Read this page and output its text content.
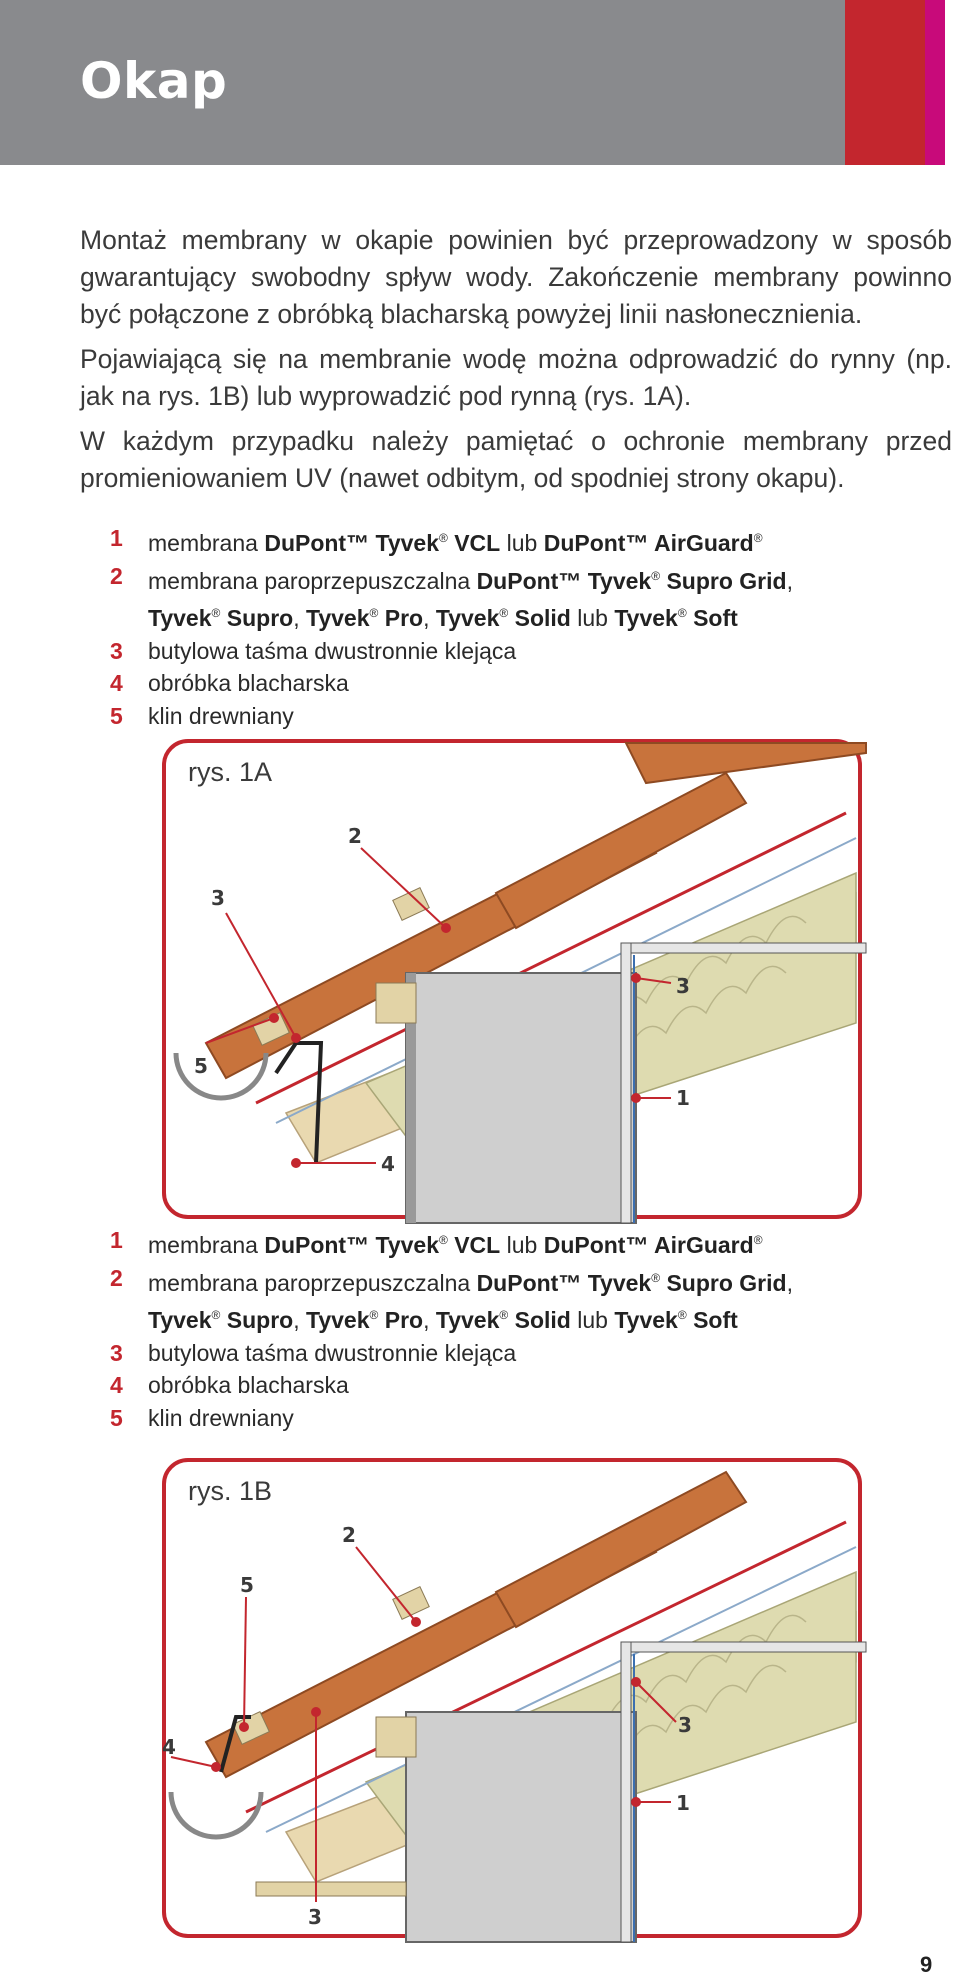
Okap

Montaż membrany w okapie powinien być przeprowadzony w sposób gwarantujący swobodny spływ wody. Zakończenie membrany powinno być połączone z obróbką blacharską powyżej linii nasłonecznienia.

Pojawiającą się na membranie wodę można odprowadzić do rynny (np. jak na rys. 1B) lub wyprowadzić pod rynną (rys. 1A).

W każdym przypadku należy pamiętać o ochronie membrany przed promieniowaniem UV (nawet odbitym, od spodniej strony okapu).

1	membrana DuPont™ Tyvek® VCL lub DuPont™ AirGuard®
2	membrana paroprzepuszczalna DuPont™ Tyvek® Supro Grid,
Tyvek® Supro, Tyvek® Pro, Tyvek® Solid lub Tyvek® Soft
3	butylowa taśma dwustronnie klejąca
4	obróbka blacharska
5	klin drewniany
rys. 1A
2
3
5
4
3
1
1	membrana DuPont™ Tyvek® VCL lub DuPont™ AirGuard®
2	membrana paroprzepuszczalna DuPont™ Tyvek® Supro Grid,
Tyvek® Supro, Tyvek® Pro, Tyvek® Solid lub Tyvek® Soft
3	butylowa taśma dwustronnie klejąca
4	obróbka blacharska
5	klin drewniany
rys. 1B
2
5
4
3
3
1
9
